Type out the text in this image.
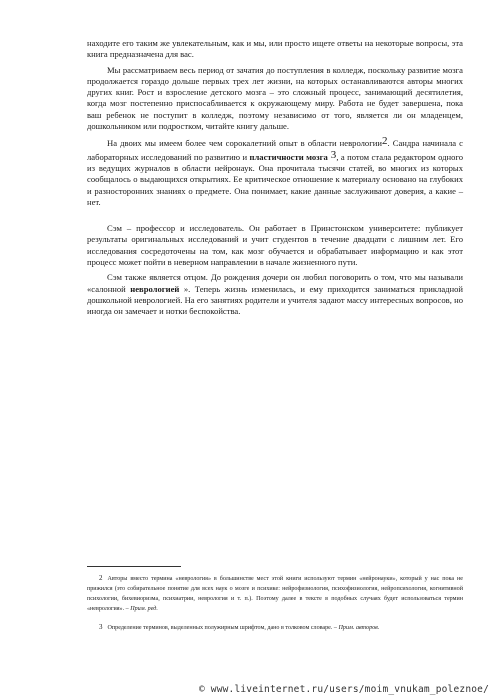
находите его таким же увлекательным, как и мы, или просто ищете ответы на некоторые вопросы, эта книга предназначена для вас.

Мы рассматриваем весь период от зачатия до поступления в колледж, поскольку развитие мозга продолжается гораздо дольше первых трех лет жизни, на которых останавливаются авторы многих других книг. Рост и взросление детского мозга – это сложный процесс, занимающий десятилетия, когда мозг постепенно приспосабливается к окружающему миру. Работа не будет завершена, пока ваш ребенок не поступит в колледж, поэтому независимо от того, является ли он младенцем, дошкольником или подростком, читайте книгу дальше.

На двоих мы имеем более чем сорокалетний опыт в области неврологии2. Сандра начинала с лабораторных исследований по развитию и пластичности мозга 3, а потом стала редактором одного из ведущих журналов в области нейронаук. Она прочитала тысячи статей, во многих из которых сообщалось о выдающихся открытиях. Ее критическое отношение к материалу основано на глубоких и разносторонних знаниях о предмете. Она понимает, какие данные заслуживают доверия, а какие – нет.

Сэм – профессор и исследователь. Он работает в Принстонском университете: публикует результаты оригинальных исследований и учит студентов в течение двадцати с лишним лет. Его исследования сосредоточены на том, как мозг обучается и обрабатывает информацию и как этот процесс может пойти в неверном направлении в начале жизненного пути.

Сэм также является отцом. До рождения дочери он любил поговорить о том, что мы называли «салонной неврологией ». Теперь жизнь изменилась, и ему приходится заниматься прикладной дошкольной неврологией. На его занятиях родители и учителя задают массу интересных вопросов, но иногда он замечает и нотки беспокойства.

2 Авторы вместо термина «неврология» в большинстве мест этой книги используют термин «нейронауки», который у нас пока не прижился (это собирательное понятие для всех наук о мозге и психике: нейрофизиология, психофизиология, нейропсихология, когнитивной психологии, бихевиоризма, психиатрии, неврология и т. п.). Поэтому далее в тексте в подобных случаях будет использоваться термин «неврология». – Прим. ред.

3 Определение терминов, выделенных полужирным шрифтом, дано в толковом словаре. – Прим. авторов.

© www.liveinternet.ru/users/moim_vnukam_poleznoe/
